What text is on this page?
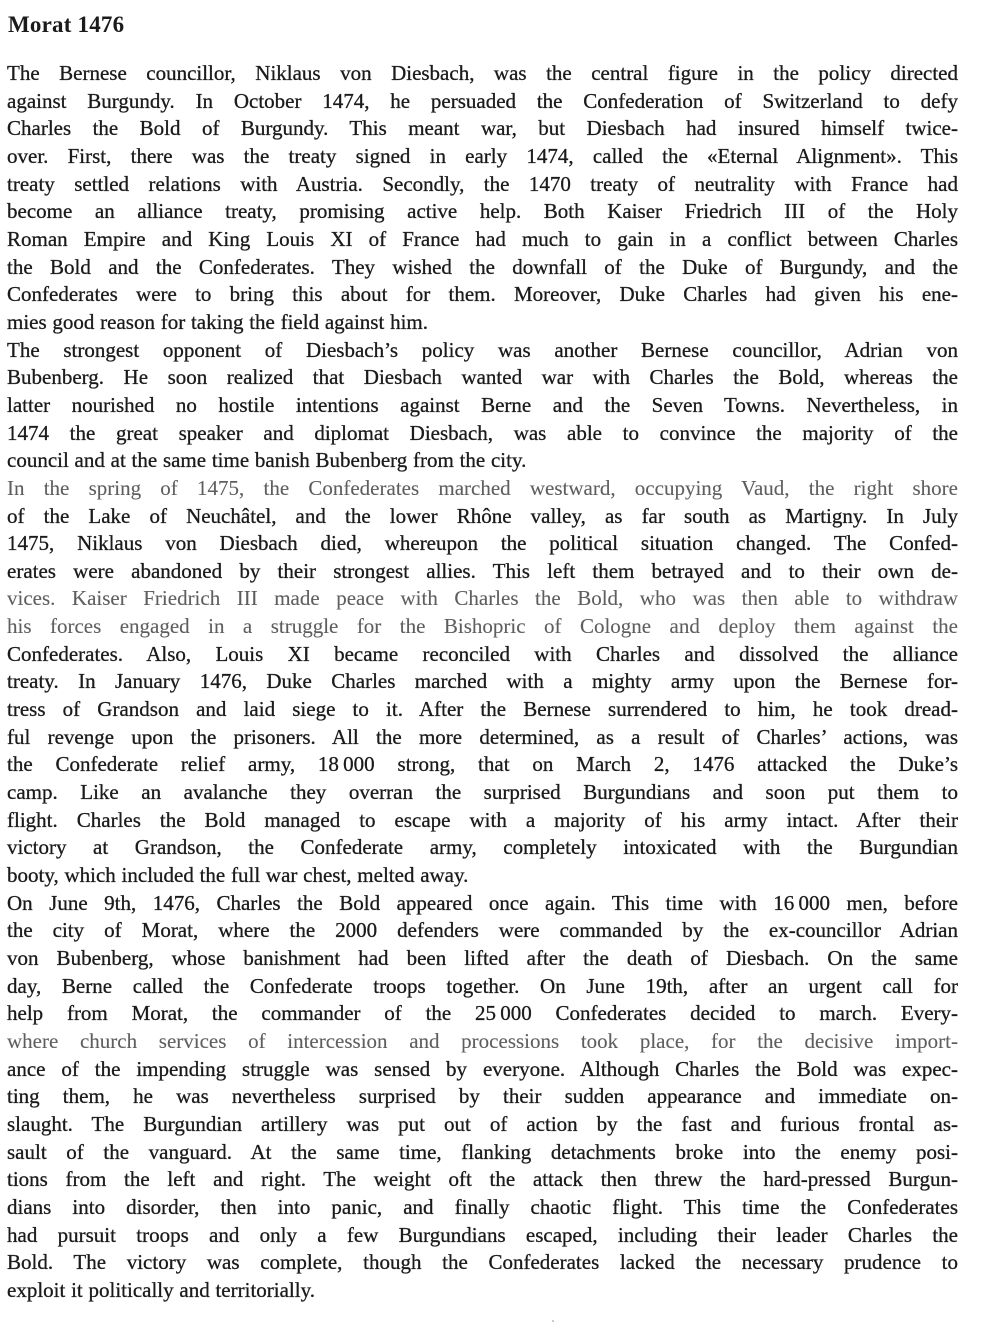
Morat 1476
The Bernese councillor, Niklaus von Diesbach, was the central figure in the policy directed
against Burgundy. In October 1474, he persuaded the Confederation of Switzerland to defy
Charles the Bold of Burgundy. This meant war, but Diesbach had insured himself twice-
over. First, there was the treaty signed in early 1474, called the «Eternal Alignment». This
treaty settled relations with Austria. Secondly, the 1470 treaty of neutrality with France had
become an alliance treaty, promising active help. Both Kaiser Friedrich III of the Holy
Roman Empire and King Louis XI of France had much to gain in a conflict between Charles
the Bold and the Confederates. They wished the downfall of the Duke of Burgundy, and the
Confederates were to bring this about for them. Moreover, Duke Charles had given his ene-
mies good reason for taking the field against him.
The strongest opponent of Diesbach’s policy was another Bernese councillor, Adrian von
Bubenberg. He soon realized that Diesbach wanted war with Charles the Bold, whereas the
latter nourished no hostile intentions against Berne and the Seven Towns. Nevertheless, in
1474 the great speaker and diplomat Diesbach, was able to convince the majority of the
council and at the same time banish Bubenberg from the city.
In the spring of 1475, the Confederates marched westward, occupying Vaud, the right shore
of the Lake of Neuchâtel, and the lower Rhône valley, as far south as Martigny. In July
1475, Niklaus von Diesbach died, whereupon the political situation changed. The Confed-
erates were abandoned by their strongest allies. This left them betrayed and to their own de-
vices. Kaiser Friedrich III made peace with Charles the Bold, who was then able to withdraw
his forces engaged in a struggle for the Bishopric of Cologne and deploy them against the
Confederates. Also, Louis XI became reconciled with Charles and dissolved the alliance
treaty. In January 1476, Duke Charles marched with a mighty army upon the Bernese for-
tress of Grandson and laid siege to it. After the Bernese surrendered to him, he took dread-
ful revenge upon the prisoners. All the more determined, as a result of Charles’ actions, was
the Confederate relief army, 18 000 strong, that on March 2, 1476 attacked the Duke’s
camp. Like an avalanche they overran the surprised Burgundians and soon put them to
flight. Charles the Bold managed to escape with a majority of his army intact. After their
victory at Grandson, the Confederate army, completely intoxicated with the Burgundian
booty, which included the full war chest, melted away.
On June 9th, 1476, Charles the Bold appeared once again. This time with 16 000 men, before
the city of Morat, where the 2000 defenders were commanded by the ex-councillor Adrian
von Bubenberg, whose banishment had been lifted after the death of Diesbach. On the same
day, Berne called the Confederate troops together. On June 19th, after an urgent call for
help from Morat, the commander of the 25 000 Confederates decided to march. Every-
where church services of intercession and processions took place, for the decisive import-
ance of the impending struggle was sensed by everyone. Although Charles the Bold was expec-
ting them, he was nevertheless surprised by their sudden appearance and immediate on-
slaught. The Burgundian artillery was put out of action by the fast and furious frontal as-
sault of the vanguard. At the same time, flanking detachments broke into the enemy posi-
tions from the left and right. The weight oft the attack then threw the hard-pressed Burgun-
dians into disorder, then into panic, and finally chaotic flight. This time the Confederates
had pursuit troops and only a few Burgundians escaped, including their leader Charles the
Bold. The victory was complete, though the Confederates lacked the necessary prudence to
exploit it politically and territorially.
